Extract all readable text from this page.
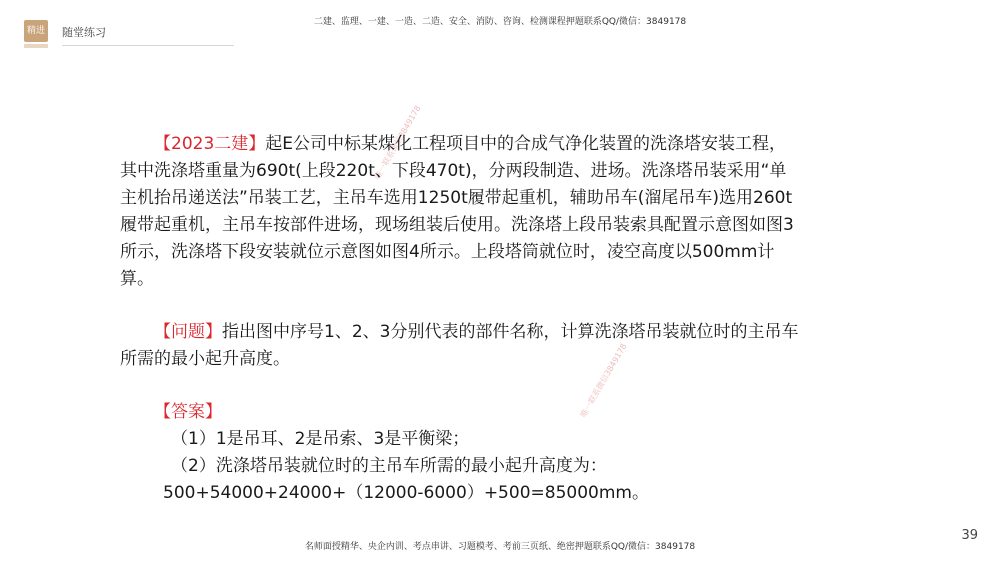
精进 随堂练习
二建、监理、一建、一造、二造、安全、消防、咨询、检测课程押题联系QQ/微信：3849178
唯一联系微信3849178
唯一联系微信3849178

【2023二建】起E公司中标某煤化工程项目中的合成气净化装置的洗涤塔安装工程，其中洗涤塔重量为690t(上段220t、下段470t)，分两段制造、进场。洗涤塔吊装采用“单主机抬吊递送法”吊装工艺，主吊车选用1250t履带起重机，辅助吊车(溜尾吊车)选用260t履带起重机，主吊车按部件进场，现场组装后使用。洗涤塔上段吊装索具配置示意图如图3所示，洗涤塔下段安装就位示意图如图4所示。上段塔筒就位时，凌空高度以500mm计算。

【问题】指出图中序号1、2、3分别代表的部件名称，计算洗涤塔吊装就位时的主吊车所需的最小起升高度。

【答案】

（1）1是吊耳、2是吊索、3是平衡梁；

（2）洗涤塔吊装就位时的主吊车所需的最小起升高度为：

500+54000+24000+（12000-6000）+500=85000mm。

39
名师面授精华、央企内训、考点串讲、习题模考、考前三页纸、绝密押题联系QQ/微信：3849178
